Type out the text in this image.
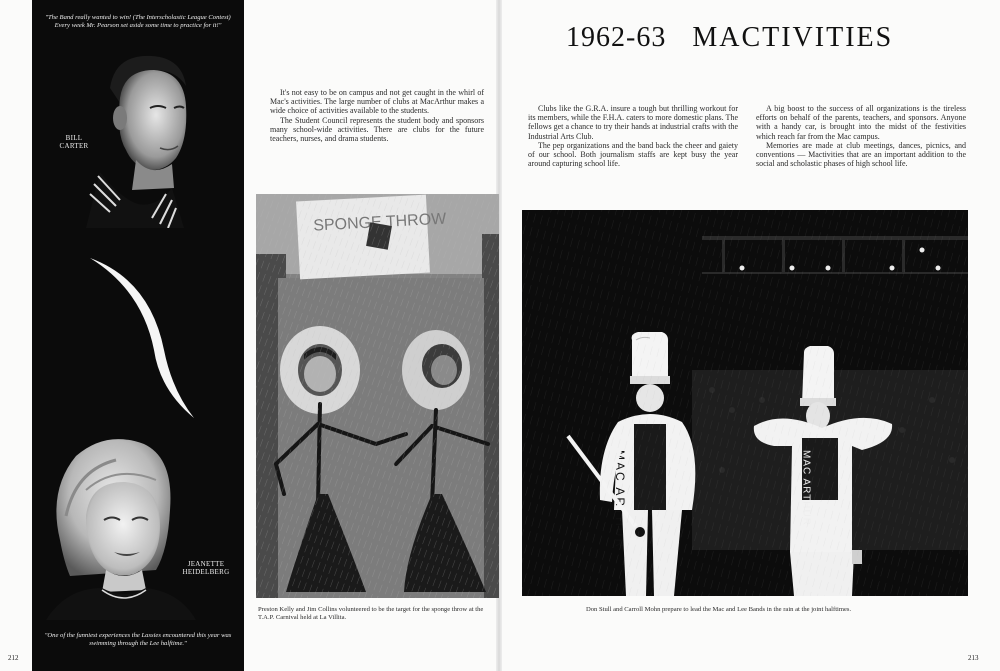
"The Band really wanted to win! (The Interscholastic League Contest) Every week Mr. Pearson set aside some time to practice for it!"
BILL
CARTER
JEANETTE
HEIDELBERG
"One of the funniest experiences the Lassies encountered this year was swimming through the Lee halftime."
212

It's not easy to be on campus and not get caught in the whirl of Mac's activities. The large number of clubs at MacArthur makes a wide choice of activities available to the students.

The Student Council represents the student body and sponsors many school-wide activities. There are clubs for the future teachers, nurses, and drama students.

Preston Kelly and Jim Collins volunteered to be the target for the sponge throw at the T.A.P. Carnival held at La Villita.
1962-63 MACTIVITIES

Clubs like the G.R.A. insure a tough but thrilling workout for its members, while the F.H.A. caters to more domestic plans. The fellows get a chance to try their hands at industrial crafts with the Industrial Arts Club.

The pep organizations and the band back the cheer and gaiety of our school. Both journalism staffs are kept busy the year around capturing school life.

A big boost to the success of all organizations is the tireless efforts on behalf of the parents, teachers, and sponsors. Anyone with a handy car, is brought into the midst of the festivities which reach far from the Mac campus.

Memories are made at club meetings, dances, picnics, and conventions — Mactivities that are an important addition to the social and scholastic phases of high school life.

Don Stull and Carroll Mohn prepare to lead the Mac and Lee Bands in the rain at the joint halftimes.
213
